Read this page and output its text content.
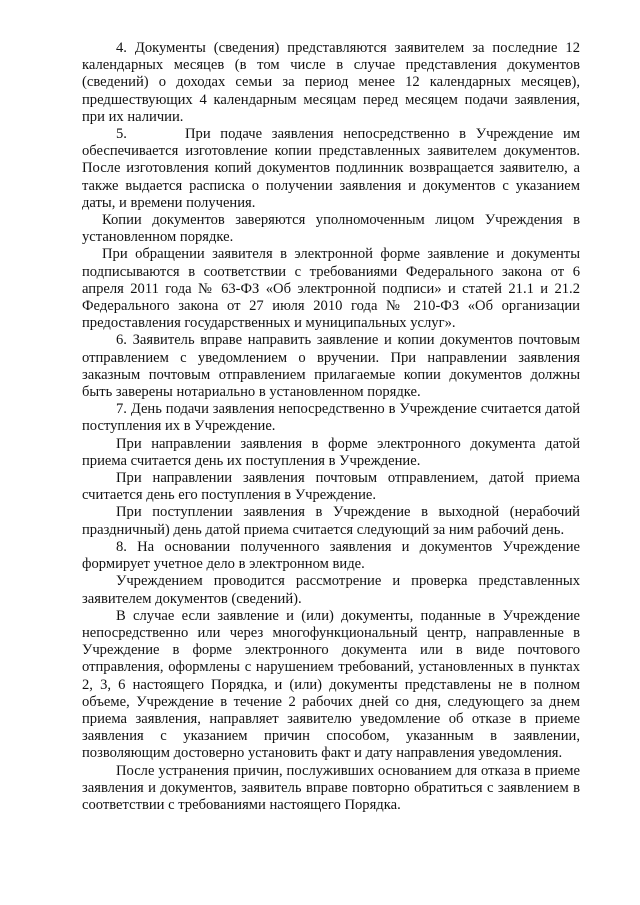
4. Документы (сведения) представляются заявителем за последние 12 календарных месяцев (в том числе в случае представления документов (сведений) о доходах семьи за период менее 12 календарных месяцев), предшествующих 4 календарным месяцам перед месяцем подачи заявления, при их наличии.

5.      При подаче заявления непосредственно в Учреждение им обеспечивается изготовление копии представленных заявителем документов. После изготовления копий документов подлинник возвращается заявителю, а также выдается расписка о получении заявления и документов с указанием даты, и времени получения.

Копии документов заверяются уполномоченным лицом Учреждения в установленном порядке.

При обращении заявителя в электронной форме заявление и документы подписываются в соответствии с требованиями Федерального закона от 6 апреля 2011 года № 63-ФЗ «Об электронной подписи» и статей 21.1 и 21.2 Федерального закона от 27 июля 2010 года № 210-ФЗ «Об организации предоставления государственных и муниципальных услуг».

6. Заявитель вправе направить заявление и копии документов почтовым отправлением с уведомлением о вручении. При направлении заявления заказным почтовым отправлением прилагаемые копии документов должны быть заверены нотариально в установленном порядке.

7. День подачи заявления непосредственно в Учреждение считается датой поступления их в Учреждение.

При направлении заявления в форме электронного документа датой приема считается день их поступления в Учреждение.

При направлении заявления почтовым отправлением, датой приема считается день его поступления в Учреждение.

При поступлении заявления в Учреждение в выходной (нерабочий праздничный) день датой приема считается следующий за ним рабочий день.

8. На основании полученного заявления и документов Учреждение формирует учетное дело в электронном виде.

Учреждением проводится рассмотрение и проверка представленных заявителем документов (сведений).

В случае если заявление и (или) документы, поданные в Учреждение непосредственно или через многофункциональный центр, направленные в Учреждение в форме электронного документа или в виде почтового отправления, оформлены с нарушением требований, установленных в пунктах 2, 3, 6 настоящего Порядка, и (или) документы представлены не в полном объеме, Учреждение в течение 2 рабочих дней со дня, следующего за днем приема заявления, направляет заявителю уведомление об отказе в приеме заявления с указанием причин способом, указанным в заявлении, позволяющим достоверно установить факт и дату направления уведомления.

После устранения причин, послуживших основанием для отказа в приеме заявления и документов, заявитель вправе повторно обратиться с заявлением в соответствии с требованиями настоящего Порядка.
